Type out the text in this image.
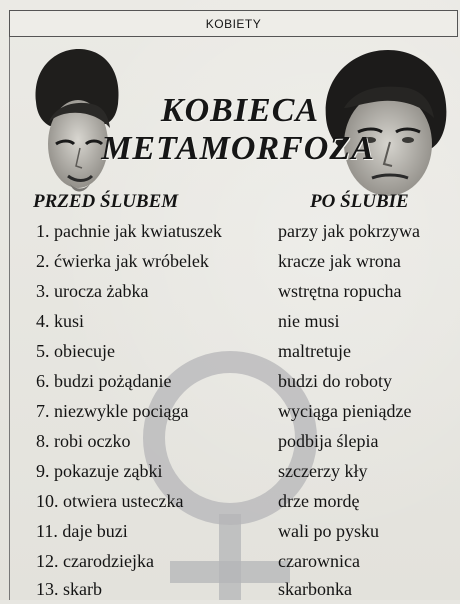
KOBIETY
KOBIECA
METAMORFOZA
PRZED ŚLUBEM	PO ŚLUBIE
1. pachnie jak kwiatuszek	parzy jak pokrzywa
2. ćwierka jak wróbelek	kracze jak wrona
3. urocza żabka	wstrętna ropucha
4. kusi	nie musi
5. obiecuje	maltretuje
6. budzi pożądanie	budzi do roboty
7. niezwykle pociąga	wyciąga pieniądze
8. robi oczko	podbija ślepia
9. pokazuje ząbki	szczerzy kły
10. otwiera usteczka	drze mordę
11. daje buzi	wali po pysku
12. czarodziejka	czarownica
13. skarb	skarbonka
